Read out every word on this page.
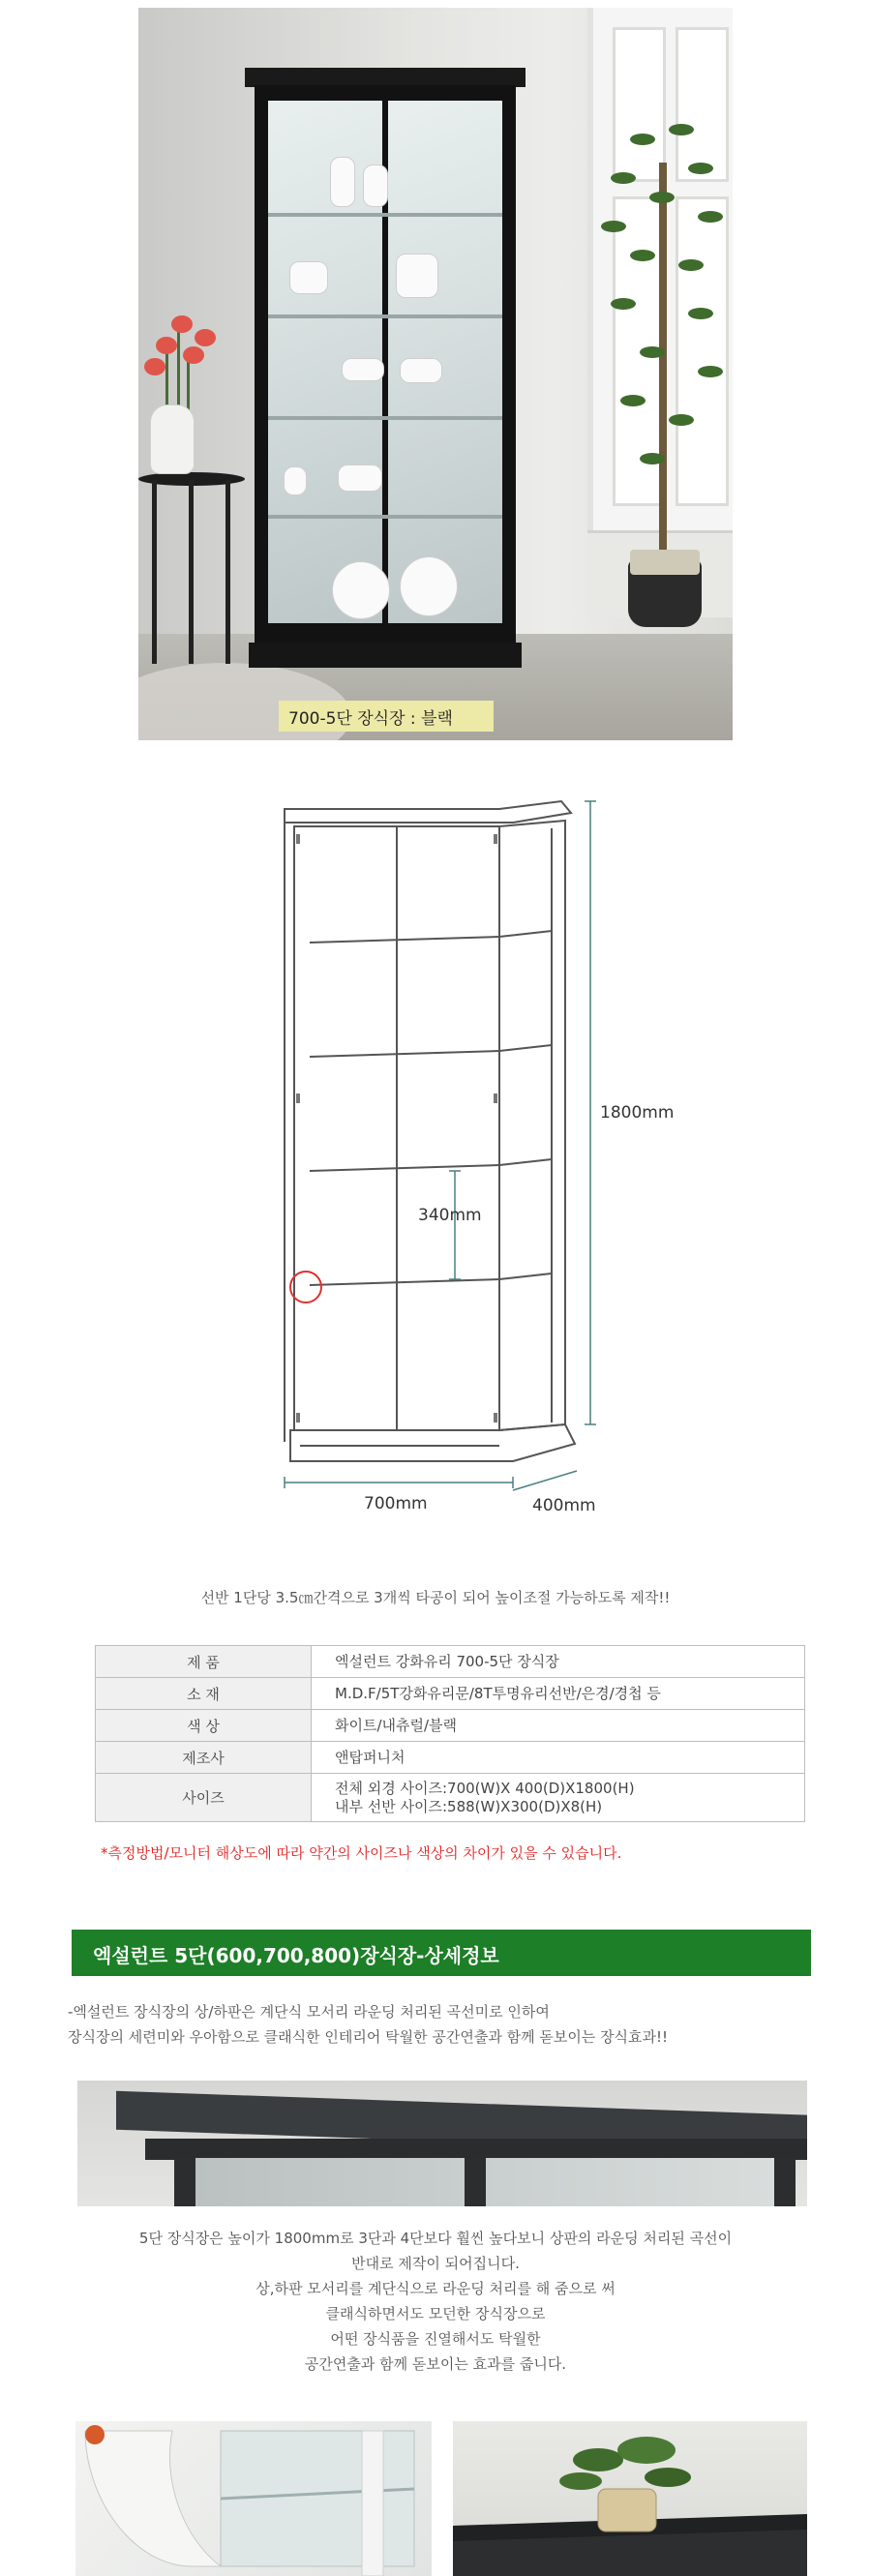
700-5단 장식장 : 블랙
1800mm
340mm
700mm	400mm
선반 1단당 3.5㎝간격으로 3개씩 타공이 되어 높이조절 가능하도록 제작!!
제 품	엑설런트 강화유리 700-5단 장식장

소 재	M.D.F/5T강화유리문/8T투명유리선반/은경/경첩 등

색 상	화이트/내츄럴/블랙

제조사	앤탑퍼니처

사이즈	전체 외경 사이즈:700(W)X 400(D)X1800(H)
내부 선반 사이즈:588(W)X300(D)X8(H)
*측정방법/모니터 해상도에 따라 약간의 사이즈나 색상의 차이가 있을 수 있습니다.
엑설런트 5단(600,700,800)장식장-상세정보
-엑설런트 장식장의 상/하판은 계단식 모서리 라운딩 처리된 곡선미로 인하여
장식장의 세련미와 우아함으로 클래식한 인테리어 탁월한 공간연출과 함께 돋보이는 장식효과!!
5단 장식장은 높이가 1800mm로 3단과 4단보다 훨씬 높다보니 상판의 라운딩 처리된 곡선이
반대로 제작이 되어집니다.
상,하판 모서리를 계단식으로 라운딩 처리를 해 줌으로 써
클래식하면서도 모던한 장식장으로
어떤 장식품을 진열해서도 탁월한
공간연출과 함께 돋보이는 효과를 줍니다.
